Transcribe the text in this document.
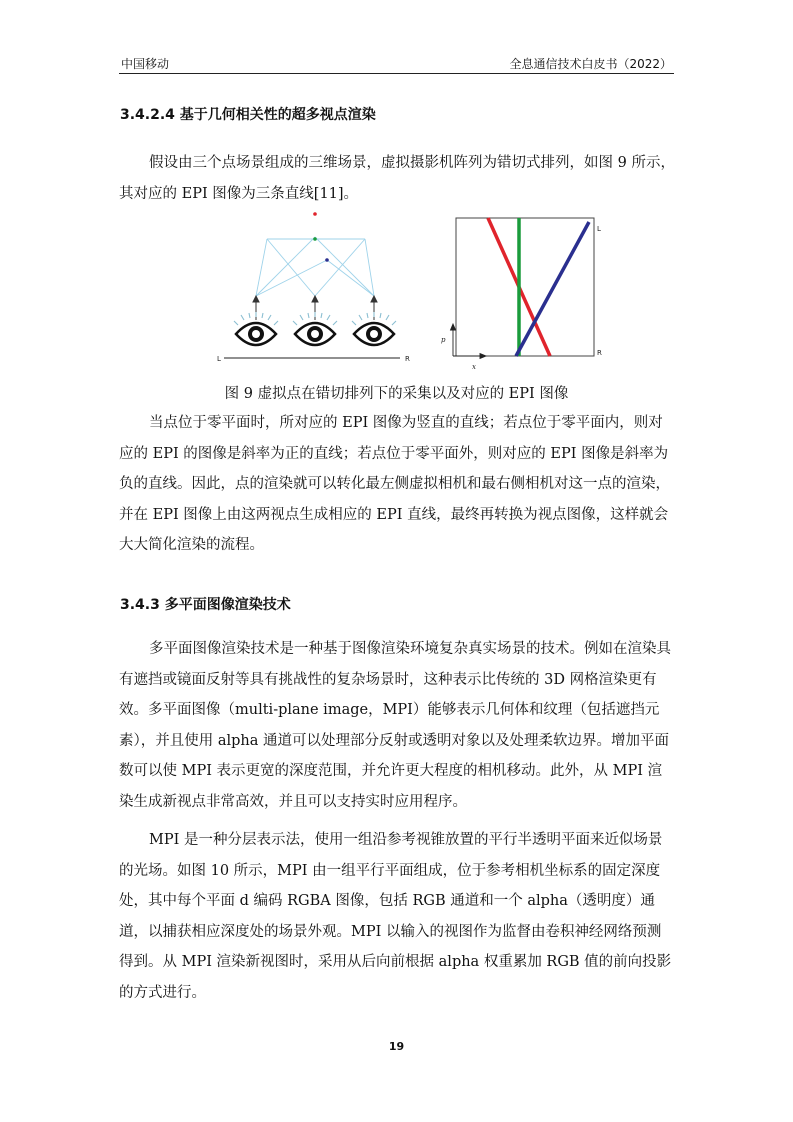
中国移动	全息通信技术白皮书（2022）
3.4.2.4 基于几何相关性的超多视点渲染

假设由三个点场景组成的三维场景，虚拟摄影机阵列为错切式排列，如图 9 所示，其对应的 EPI 图像为三条直线[11]。

L	R
p
x
L
R
图 9 虚拟点在错切排列下的采集以及对应的 EPI 图像

当点位于零平面时，所对应的 EPI 图像为竖直的直线；若点位于零平面内，则对应的 EPI 的图像是斜率为正的直线；若点位于零平面外，则对应的 EPI 图像是斜率为负的直线。因此，点的渲染就可以转化最左侧虚拟相机和最右侧相机对这一点的渲染，并在 EPI 图像上由这两视点生成相应的 EPI 直线，最终再转换为视点图像，这样就会大大简化渲染的流程。

3.4.3 多平面图像渲染技术

多平面图像渲染技术是一种基于图像渲染环境复杂真实场景的技术。例如在渲染具有遮挡或镜面反射等具有挑战性的复杂场景时，这种表示比传统的 3D 网格渲染更有效。多平面图像（multi-plane image，MPI）能够表示几何体和纹理（包括遮挡元素），并且使用 alpha 通道可以处理部分反射或透明对象以及处理柔软边界。增加平面数可以使 MPI 表示更宽的深度范围，并允许更大程度的相机移动。此外，从 MPI 渲染生成新视点非常高效，并且可以支持实时应用程序。

MPI 是一种分层表示法，使用一组沿参考视锥放置的平行半透明平面来近似场景的光场。如图 10 所示，MPI 由一组平行平面组成，位于参考相机坐标系的固定深度处，其中每个平面 d 编码 RGBA 图像，包括 RGB 通道和一个 alpha（透明度）通道，以捕获相应深度处的场景外观。MPI 以输入的视图作为监督由卷积神经网络预测得到。从 MPI 渲染新视图时，采用从后向前根据 alpha 权重累加 RGB 值的前向投影的方式进行。

19
